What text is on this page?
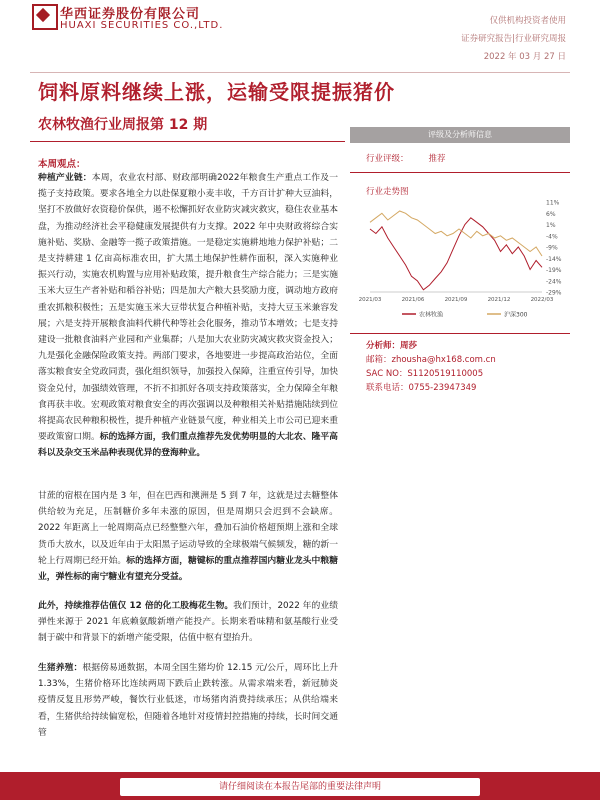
华西证券股份有限公司
HUAXI SECURITIES CO.,LTD.	仅供机构投资者使用
证券研究报告|行业研究周报
2022 年 03 月 27 日
饲料原料继续上涨，运输受限提振猪价
农林牧渔行业周报第 12 期
本周观点：

种植产业链：本周，农业农村部、财政部明确2022年粮食生产重点工作及一揽子支持政策。要求各地全力以赴保夏粮小麦丰收，千方百计扩种大豆油料，坚打不放做好农资稳价保供，遏不松懈抓好农业防灾减灾救灾，稳住农业基本盘，为推动经济社会平稳健康发展提供有力支撑。2022 年中央财政将综合实施补贴、奖励、金融等一揽子政策措施。一是稳定实施耕地地力保护补贴；二是支持耕建 1 亿亩高标准农田，扩大黑土地保护性耕作面积，深入实施种业振兴行动，实施农机购置与应用补贴政策，提升粮食生产综合能力；三是实施玉米大豆生产者补贴和稻谷补贴；四是加大产粮大县奖励力度，调动地方政府重农抓粮积极性；五是实施玉米大豆带状复合种植补贴，支持大豆玉米兼容发展；六是支持开展粮食油料代耕代种等社会化服务，推动节本增效；七是支持建设一批粮食油料产业园和产业集群；八是加大农业防灾减灾救灾资金投入；九是强化金融保险政策支持。两部门要求，各地要进一步提高政治站位，全面落实粮食安全党政同责，强化组织领导，加强投入保障，注重宣传引导，加快资金兑付，加强绩效管理，不折不扣抓好各项支持政策落实，全力保障全年粮食再获丰收。宏观政策对粮食安全的再次强调以及种粮相关补贴措施陆续到位将提高农民种粮积极性，提升种植产业链景气度，种业相关上市公司已迎来重要政策窗口期。标的选择方面，我们重点推荐先发优势明显的大北农、隆平高科以及杂交玉米品种表现优异的登海种业。

甘蔗的宿根在国内是 3 年，但在巴西和澳洲是 5 到 7 年，这就是过去糖整体供给较为充足，压制糖价多年未涨的原因，但是周期只会迟到不会缺席。2022 年距离上一轮周期高点已经整整六年，叠加石油价格超预期上涨和全球货币大放水，以及近年由于太阳黑子运动导致的全球极端气候频发，糖的新一轮上行周期已经开始。标的选择方面，糖键标的重点推荐国内糖业龙头中粮糖业，弹性标的南宁糖业有望充分受益。

此外，持续推荐估值仅 12 倍的化工股梅花生物。我们预计，2022 年的业绩弹性来源于 2021 年底赖氨酸新增产能投产。长期来看味精和氨基酸行业受制于碳中和背景下的新增产能受限，估值中枢有望抬升。

生猪养殖：根据傍易通数据，本周全国生猪均价 12.15 元/公斤，周环比上升 1.33%，生猪价格环比连续两周下跌后止跌转涨。从需求端来看，新冠肺炎疫情反复且形势严峻，餐饮行业低迷，市场猪肉消费持续承压；从供给端来看，生猪供给持续偏宽松，但随着各地针对疫情封控措施的持续，长时间交通管

评级及分析师信息
行业评级： 推荐
行业走势图
11%
6%
1%
-4%
-9%
-14%
-19%
-24%
-29%
2021/03	2021/06	2021/09	2021/12	2022/03
农林牧渔	沪深300
分析师：周莎
邮箱：zhousha@hx168.com.cn
SAC NO：S1120519110005
联系电话：0755-23947349
请仔细阅读在本报告尾部的重要法律声明
